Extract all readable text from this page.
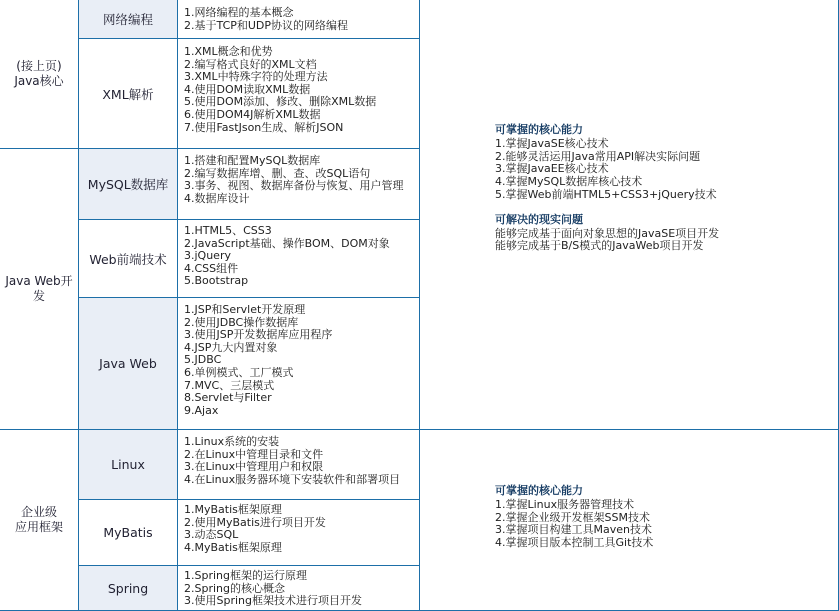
(接上页)
Java核心
网络编程	1.网络编程的基本概念
2.基于TCP和UDP协议的网络编程
XML解析
1.XML概念和优势
2.编写格式良好的XML文档
3.XML中特殊字符的处理方法
4.使用DOM读取XML数据
5.使用DOM添加、修改、删除XML数据
6.使用DOM4J解析XML数据
7.使用FastJson生成、解析JSON
Java Web开发
MySQL数据库
1.搭建和配置MySQL数据库
2.编写数据库增、删、查、改SQL语句
3.事务、视图、数据库备份与恢复、用户管理
4.数据库设计
Web前端技术
1.HTML5、CSS3
2.JavaScript基础、操作BOM、DOM对象
3.jQuery
4.CSS组件
5.Bootstrap
Java Web
1.JSP和Servlet开发原理
2.使用JDBC操作数据库
3.使用JSP开发数据库应用程序
4.JSP九大内置对象
5.JDBC
6.单例模式、工厂模式
7.MVC、三层模式
8.Servlet与Filter
9.Ajax
企业级
应用框架
Linux
1.Linux系统的安装
2.在Linux中管理目录和文件
3.在Linux中管理用户和权限
4.在Linux服务器环境下安装软件和部署项目
MyBatis
1.MyBatis框架原理
2.使用MyBatis进行项目开发
3.动态SQL
4.MyBatis框架原理
Spring
1.Spring框架的运行原理
2.Spring的核心概念
3.使用Spring框架技术进行项目开发
可掌握的核心能力
1.掌握JavaSE核心技术
2.能够灵活运用Java常用API解决实际问题
3.掌握JavaEE核心技术
4.掌握MySQL数据库核心技术
5.掌握Web前端HTML5+CSS3+jQuery技术
可解决的现实问题
能够完成基于面向对象思想的JavaSE项目开发
能够完成基于B/S模式的JavaWeb项目开发
可掌握的核心能力
1.掌握Linux服务器管理技术
2.掌握企业级开发框架SSM技术
3.掌握项目构建工具Maven技术
4.掌握项目版本控制工具Git技术
